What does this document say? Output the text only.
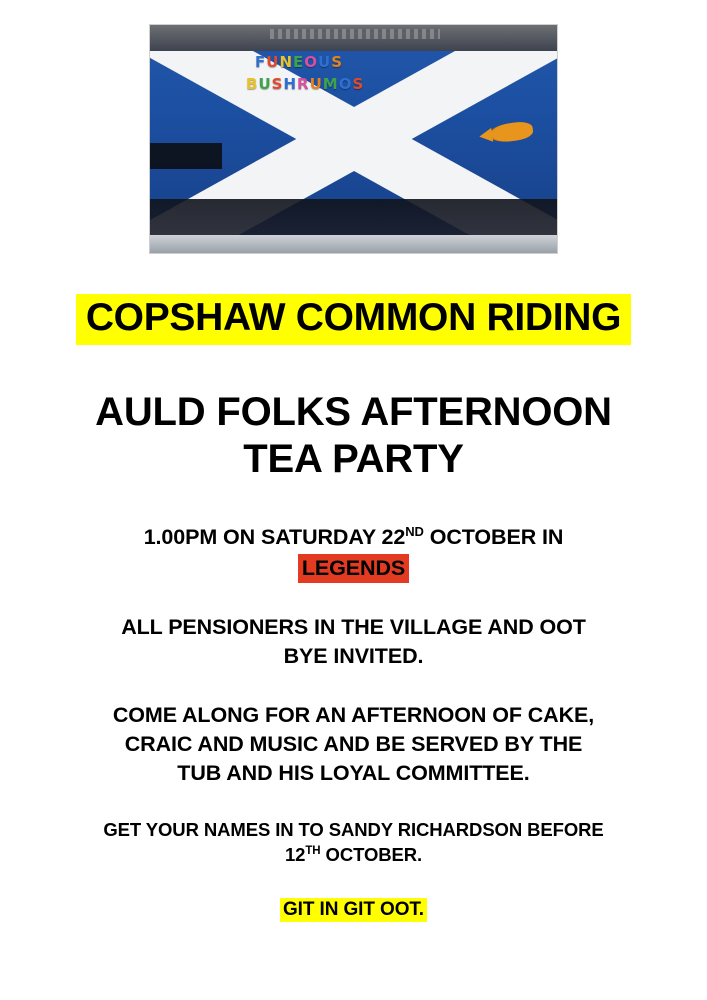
F U N E O U S
B U S H R U M O S
COPSHAW COMMON RIDING
AULD FOLKS AFTERNOON
TEA PARTY
1.00PM ON SATURDAY 22ND OCTOBER IN
LEGENDS
ALL PENSIONERS IN THE VILLAGE AND OOT
BYE INVITED.
COME ALONG FOR AN AFTERNOON OF CAKE,
CRAIC AND MUSIC AND BE SERVED BY THE
TUB AND HIS LOYAL COMMITTEE.
GET YOUR NAMES IN TO SANDY RICHARDSON BEFORE
12TH OCTOBER.
GIT IN GIT OOT.
